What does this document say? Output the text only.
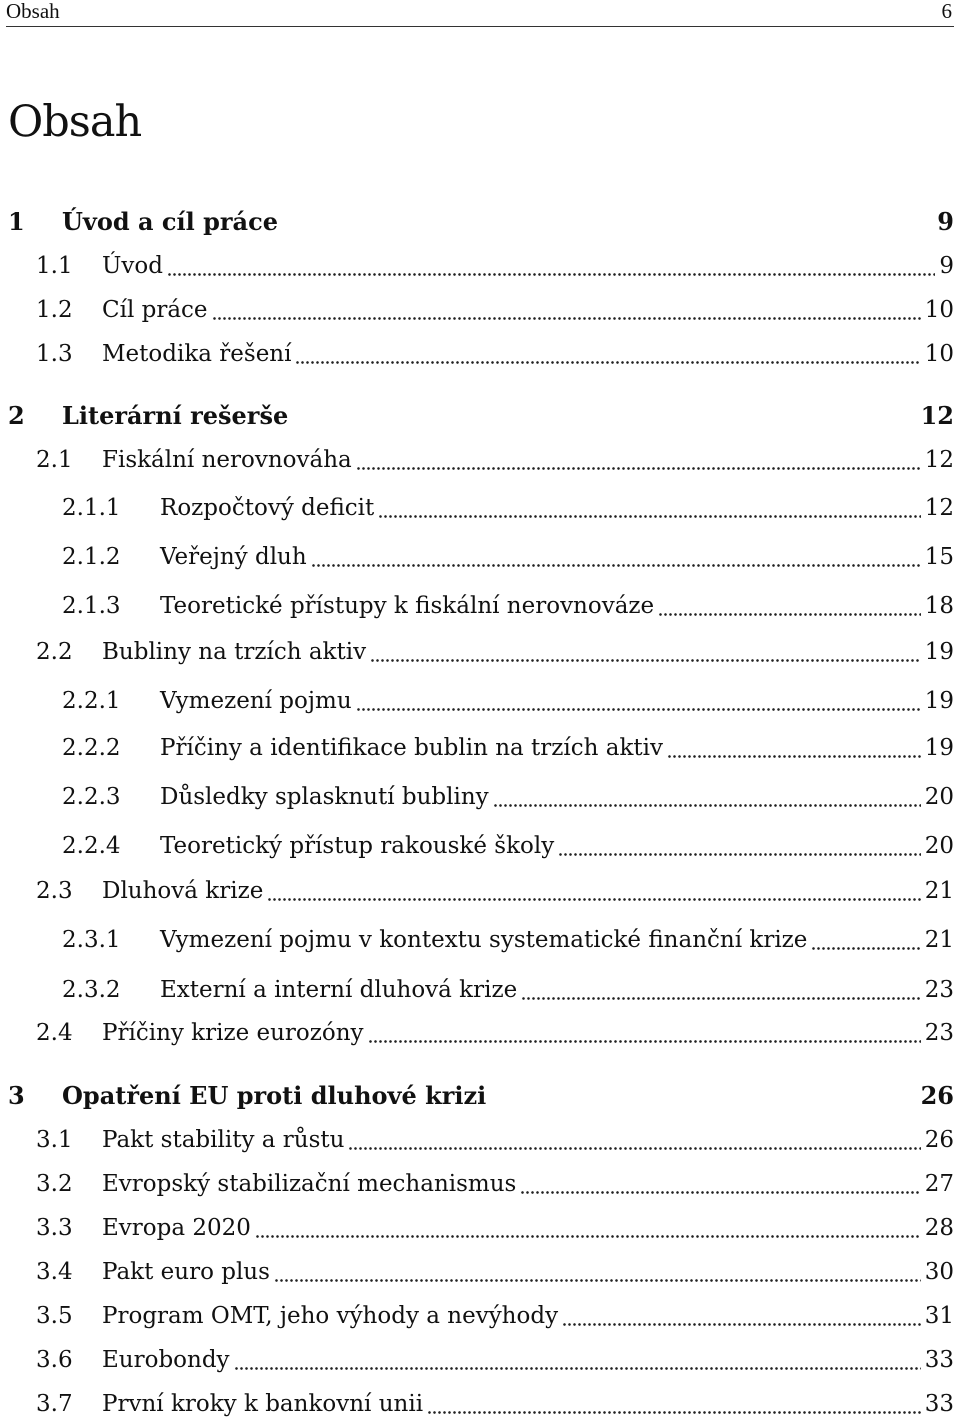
Obsah	6
Obsah
1 Úvod a cíl práce	9
1.1 Úvod	9
1.2 Cíl práce	10
1.3 Metodika řešení	10
2 Literární rešerše	12
2.1 Fiskální nerovnováha	12
2.1.1 Rozpočtový deficit	12
2.1.2 Veřejný dluh	15
2.1.3 Teoretické přístupy k fiskální nerovnováze	18
2.2 Bubliny na trzích aktiv	19
2.2.1 Vymezení pojmu	19
2.2.2 Příčiny a identifikace bublin na trzích aktiv	19
2.2.3 Důsledky splasknutí bubliny	20
2.2.4 Teoretický přístup rakouské školy	20
2.3 Dluhová krize	21
2.3.1 Vymezení pojmu v kontextu systematické finanční krize	21
2.3.2 Externí a interní dluhová krize	23
2.4 Příčiny krize eurozóny	23
3 Opatření EU proti dluhové krizi	26
3.1 Pakt stability a růstu	26
3.2 Evropský stabilizační mechanismus	27
3.3 Evropa 2020	28
3.4 Pakt euro plus	30
3.5 Program OMT, jeho výhody a nevýhody	31
3.6 Eurobondy	33
3.7 První kroky k bankovní unii	33
